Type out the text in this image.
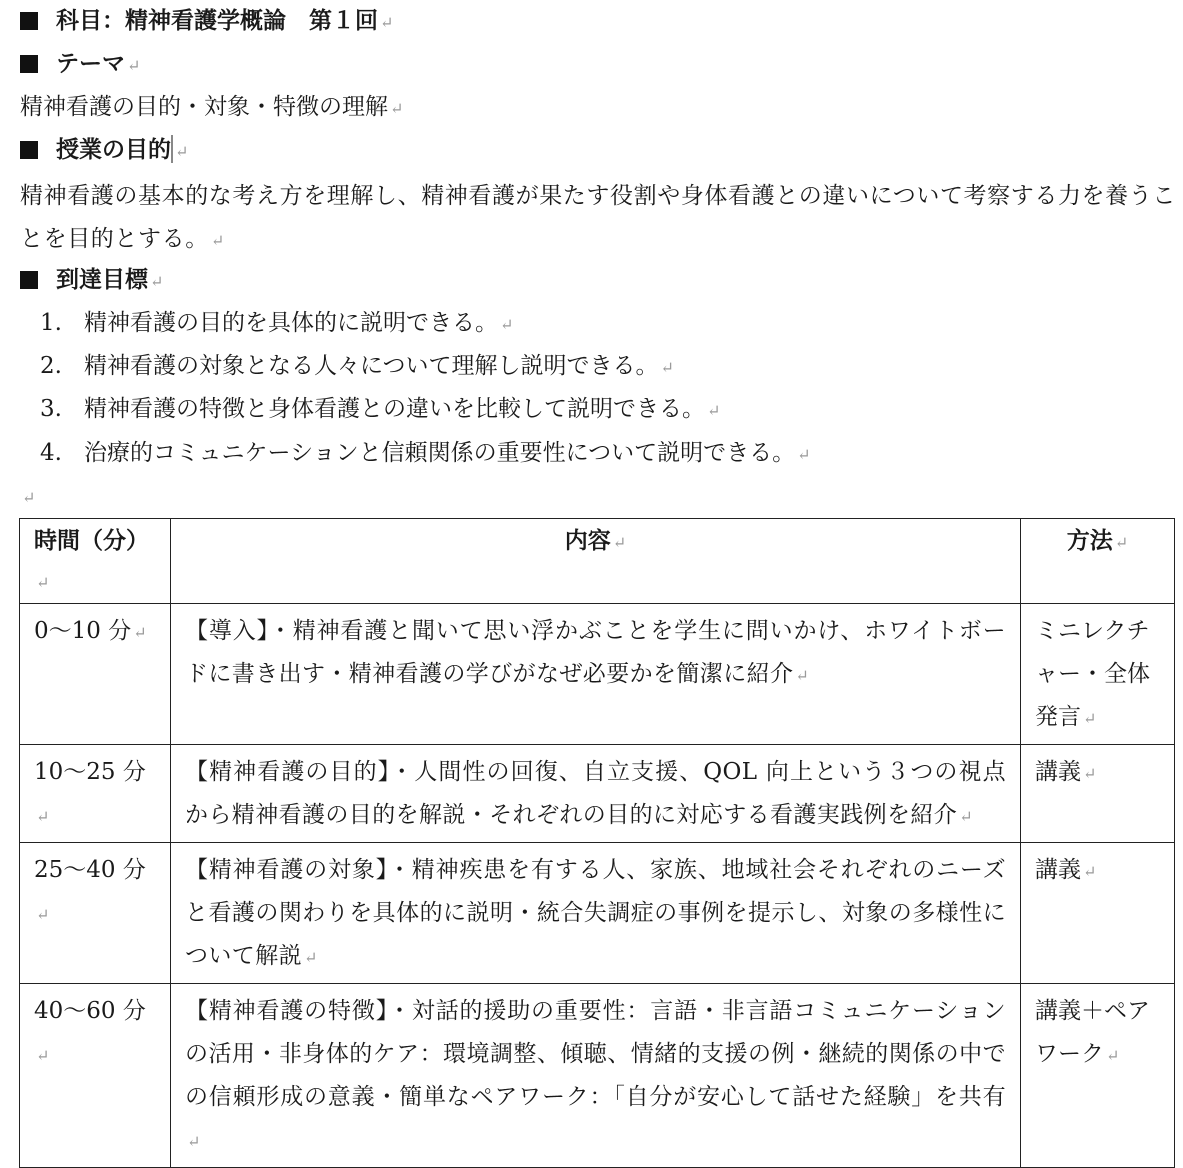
科目：精神看護学概論　第１回 ↵
テーマ ↵
精神看護の目的・対象・特徴の理解 ↵
授業の目的 ↵
精神看護の基本的な考え方を理解し、精神看護が果たす役割や身体看護との違いについて考察する力を養うことを目的とする。 ↵
到達目標 ↵
1. 精神看護の目的を具体的に説明できる。 ↵
2. 精神看護の対象となる人々について理解し説明できる。 ↵
3. 精神看護の特徴と身体看護との違いを比較して説明できる。 ↵
4. 治療的コミュニケーションと信頼関係の重要性について説明できる。 ↵
↵
時間（分）↵	内容 ↵	方法 ↵
0〜10 分 ↵	【導入】・精神看護と聞いて思い浮かぶことを学生に問いかけ、ホワイトボードに書き出す・精神看護の学びがなぜ必要かを簡潔に紹介 ↵	ミニレクチャー・全体発言 ↵
10〜25 分↵	【精神看護の目的】・人間性の回復、自立支援、QOL 向上という３つの視点から精神看護の目的を解説・それぞれの目的に対応する看護実践例を紹介 ↵	講義 ↵
25〜40 分↵	【精神看護の対象】・精神疾患を有する人、家族、地域社会それぞれのニーズと看護の関わりを具体的に説明・統合失調症の事例を提示し、対象の多様性について解説 ↵	講義 ↵
40〜60 分↵	【精神看護の特徴】・対話的援助の重要性：言語・非言語コミュニケーションの活用・非身体的ケア：環境調整、傾聴、情緒的支援の例・継続的関係の中での信頼形成の意義・簡単なペアワーク：「自分が安心して話せた経験」を共有↵	講義＋ペアワーク ↵
